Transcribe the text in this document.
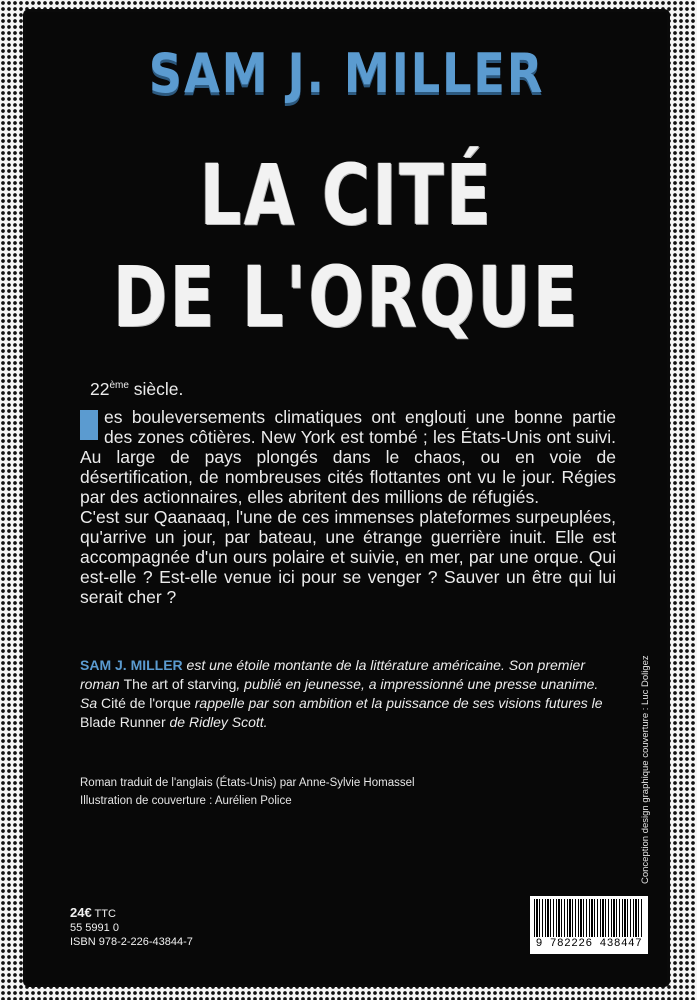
SAM J. MILLER
LA CITÉ
DE L'ORQUE

22ème siècle.

es bouleversements climatiques ont englouti une bonne partie des zones côtières. New York est tombé ; les États-Unis ont suivi. Au large de pays plongés dans le chaos, ou en voie de désertification, de nombreuses cités flottantes ont vu le jour. Régies par des actionnaires, elles abritent des millions de réfugiés.

C'est sur Qaanaaq, l'une de ces immenses plateformes surpeuplées, qu'arrive un jour, par bateau, une étrange guerrière inuit. Elle est accompagnée d'un ours polaire et suivie, en mer, par une orque. Qui est-elle ? Est-elle venue ici pour se venger ? Sauver un être qui lui serait cher ?

SAM J. MILLER est une étoile montante de la littérature américaine. Son premier roman The art of starving, publié en jeunesse, a impressionné une presse unanime. Sa Cité de l'orque rappelle par son ambition et la puissance de ses visions futures le Blade Runner de Ridley Scott.
Roman traduit de l'anglais (États-Unis) par Anne-Sylvie Homassel
Illustration de couverture : Aurélien Police	Conception design graphique couverture : Luc Doligez
24€ TTC
55 5991 0
ISBN 978-2-226-43844-7	9 782226 438447
